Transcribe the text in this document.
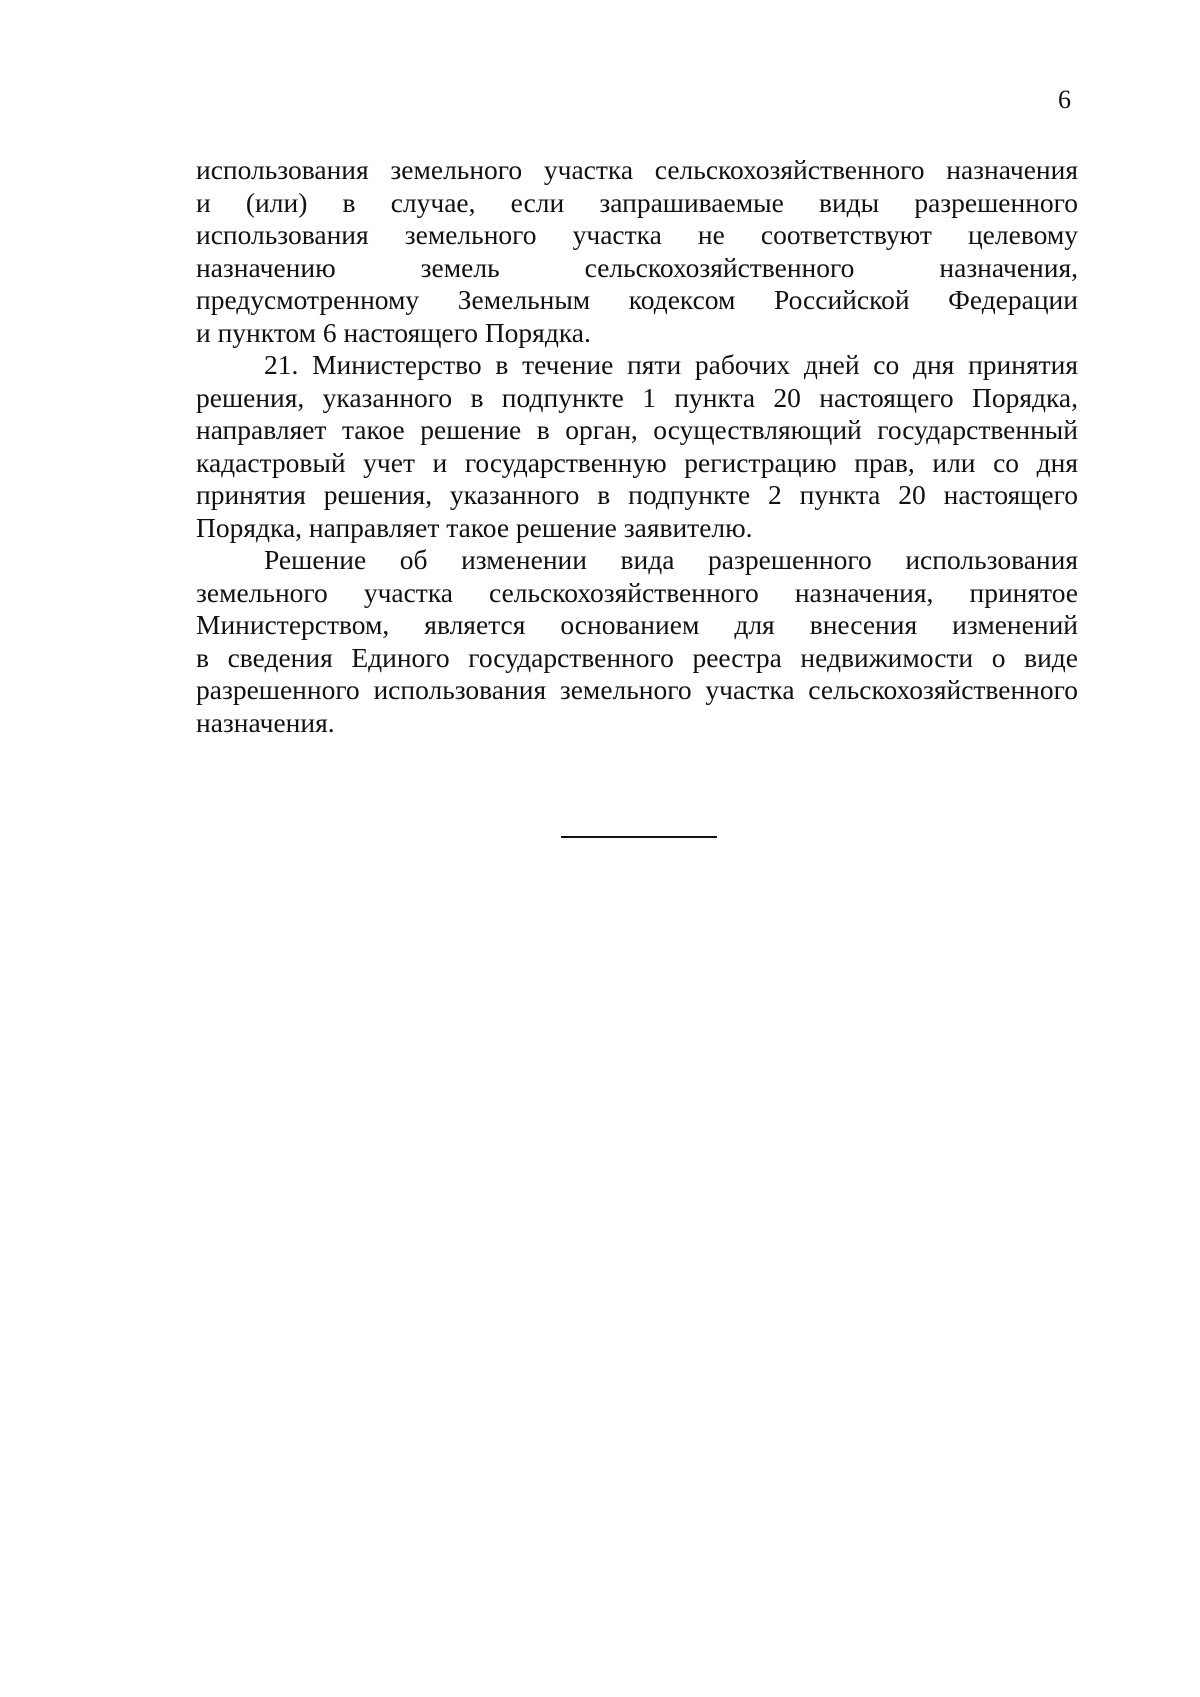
6

использования земельного участка сельскохозяйственного назначения
и (или) в случае, если запрашиваемые виды разрешенного
использования земельного участка не соответствуют целевому
назначению земель сельскохозяйственного назначения,
предусмотренному Земельным кодексом Российской Федерации
и пунктом 6 настоящего Порядка.

21. Министерство в течение пяти рабочих дней со дня принятия
решения, указанного в подпункте 1 пункта 20 настоящего Порядка,
направляет такое решение в орган, осуществляющий государственный
кадастровый учет и государственную регистрацию прав, или со дня
принятия решения, указанного в подпункте 2 пункта 20 настоящего
Порядка, направляет такое решение заявителю.

Решение об изменении вида разрешенного использования
земельного участка сельскохозяйственного назначения, принятое
Министерством, является основанием для внесения изменений
в сведения Единого государственного реестра недвижимости о виде
разрешенного использования земельного участка сельскохозяйственного
назначения.
